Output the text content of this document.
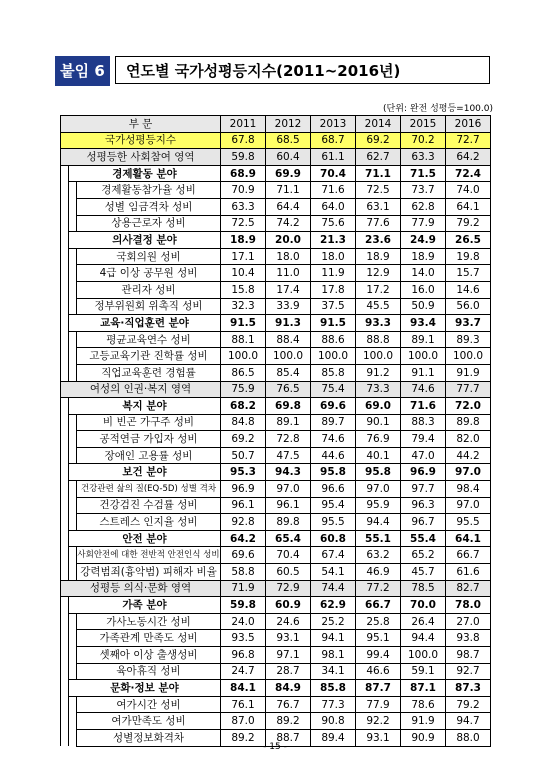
붙임 6	연도별 국가성평등지수(2011~2016년)
(단위: 완전 성평등=100.0)
부 문			2011	2012	2013	2014	2015	2016
국가성평등지수			67.8	68.5	68.7	69.2	70.2	72.7
성평등한 사회참여 영역			59.8	60.4	61.1	62.7	63.3	64.2
	경제활동 분야		68.9	69.9	70.4	71.1	71.5	72.4
		경제활동참가율 성비	70.9	71.1	71.6	72.5	73.7	74.0
		성별 임금격차 성비	63.3	64.4	64.0	63.1	62.8	64.1
		상용근로자 성비	72.5	74.2	75.6	77.6	77.9	79.2
	의사결정 분야		18.9	20.0	21.3	23.6	24.9	26.5
		국회의원 성비	17.1	18.0	18.0	18.9	18.9	19.8
		4급 이상 공무원 성비	10.4	11.0	11.9	12.9	14.0	15.7
		관리자 성비	15.8	17.4	17.8	17.2	16.0	14.6
		정부위원회 위촉직 성비	32.3	33.9	37.5	45.5	50.9	56.0
	교육·직업훈련 분야		91.5	91.3	91.5	93.3	93.4	93.7
		평균교육연수 성비	88.1	88.4	88.6	88.8	89.1	89.3
		고등교육기관 진학률 성비	100.0	100.0	100.0	100.0	100.0	100.0
		직업교육훈련 경험률	86.5	85.4	85.8	91.2	91.1	91.9
여성의 인권·복지 영역			75.9	76.5	75.4	73.3	74.6	77.7
	복지 분야		68.2	69.8	69.6	69.0	71.6	72.0
		비 빈곤 가구주 성비	84.8	89.1	89.7	90.1	88.3	89.8
		공적연금 가입자 성비	69.2	72.8	74.6	76.9	79.4	82.0
		장애인 고용률 성비	50.7	47.5	44.6	40.1	47.0	44.2
	보건 분야		95.3	94.3	95.8	95.8	96.9	97.0
		건강관련 삶의 질(EQ-5D) 성별 격차	96.9	97.0	96.6	97.0	97.7	98.4
		건강검진 수검률 성비	96.1	96.1	95.4	95.9	96.3	97.0
		스트레스 인지율 성비	92.8	89.8	95.5	94.4	96.7	95.5
	안전 분야		64.2	65.4	60.8	55.1	55.4	64.1
		사회안전에 대한 전반적 안전인식 성비	69.6	70.4	67.4	63.2	65.2	66.7
		강력범죄(흉악범) 피해자 비율	58.8	60.5	54.1	46.9	45.7	61.6
성평등 의식·문화 영역			71.9	72.9	74.4	77.2	78.5	82.7
	가족 분야		59.8	60.9	62.9	66.7	70.0	78.0
		가사노동시간 성비	24.0	24.6	25.2	25.8	26.4	27.0
		가족관계 만족도 성비	93.5	93.1	94.1	95.1	94.4	93.8
		셋째아 이상 출생성비	96.8	97.1	98.1	99.4	100.0	98.7
		육아휴직 성비	24.7	28.7	34.1	46.6	59.1	92.7
	문화·정보 분야		84.1	84.9	85.8	87.7	87.1	87.3
		여가시간 성비	76.1	76.7	77.3	77.9	78.6	79.2
		여가만족도 성비	87.0	89.2	90.8	92.2	91.9	94.7
		성별정보화격차	89.2	88.7	89.4	93.1	90.9	88.0
- 15 -
